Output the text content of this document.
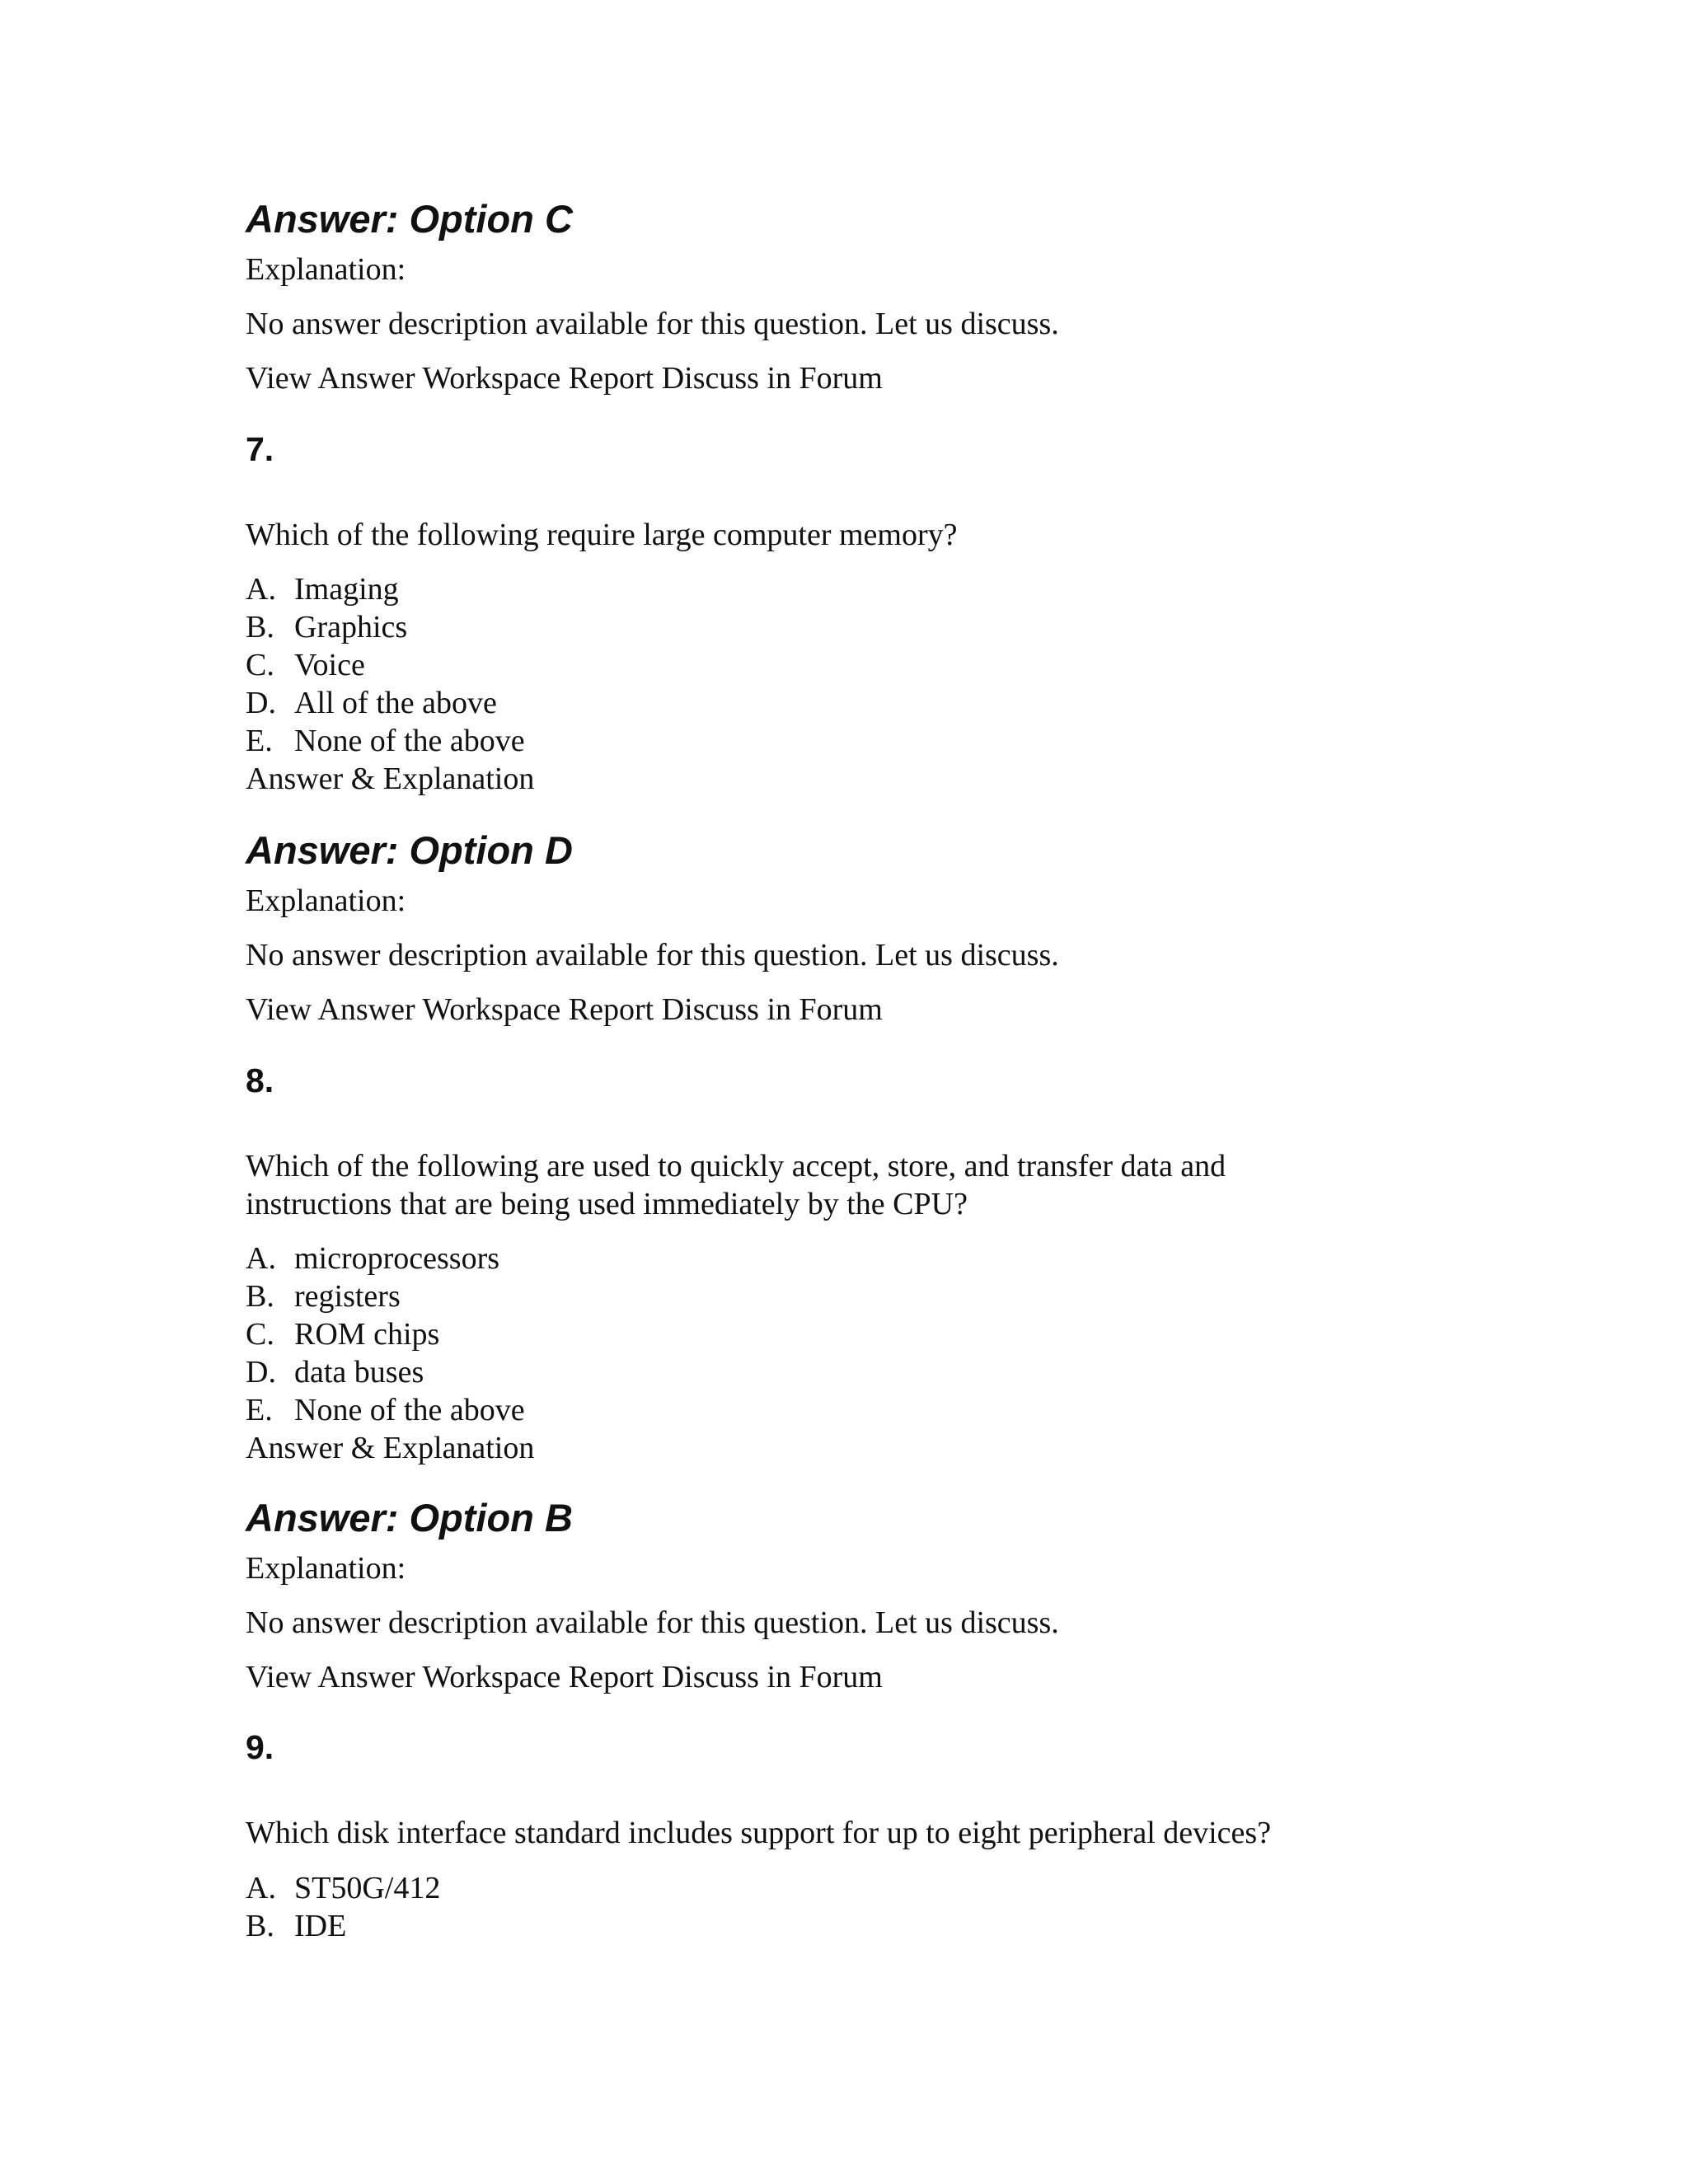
Answer: Option C
Explanation:
No answer description available for this question. Let us discuss.
View Answer Workspace Report Discuss in Forum
7.
Which of the following require large computer memory?
A. Imaging
B. Graphics
C. Voice
D. All of the above
E. None of the above
Answer & Explanation
Answer: Option D
Explanation:
No answer description available for this question. Let us discuss.
View Answer Workspace Report Discuss in Forum
8.
Which of the following are used to quickly accept, store, and transfer data and
instructions that are being used immediately by the CPU?
A. microprocessors
B. registers
C. ROM chips
D. data buses
E. None of the above
Answer & Explanation
Answer: Option B
Explanation:
No answer description available for this question. Let us discuss.
View Answer Workspace Report Discuss in Forum
9.
Which disk interface standard includes support for up to eight peripheral devices?
A. ST50G/412
B. IDE
